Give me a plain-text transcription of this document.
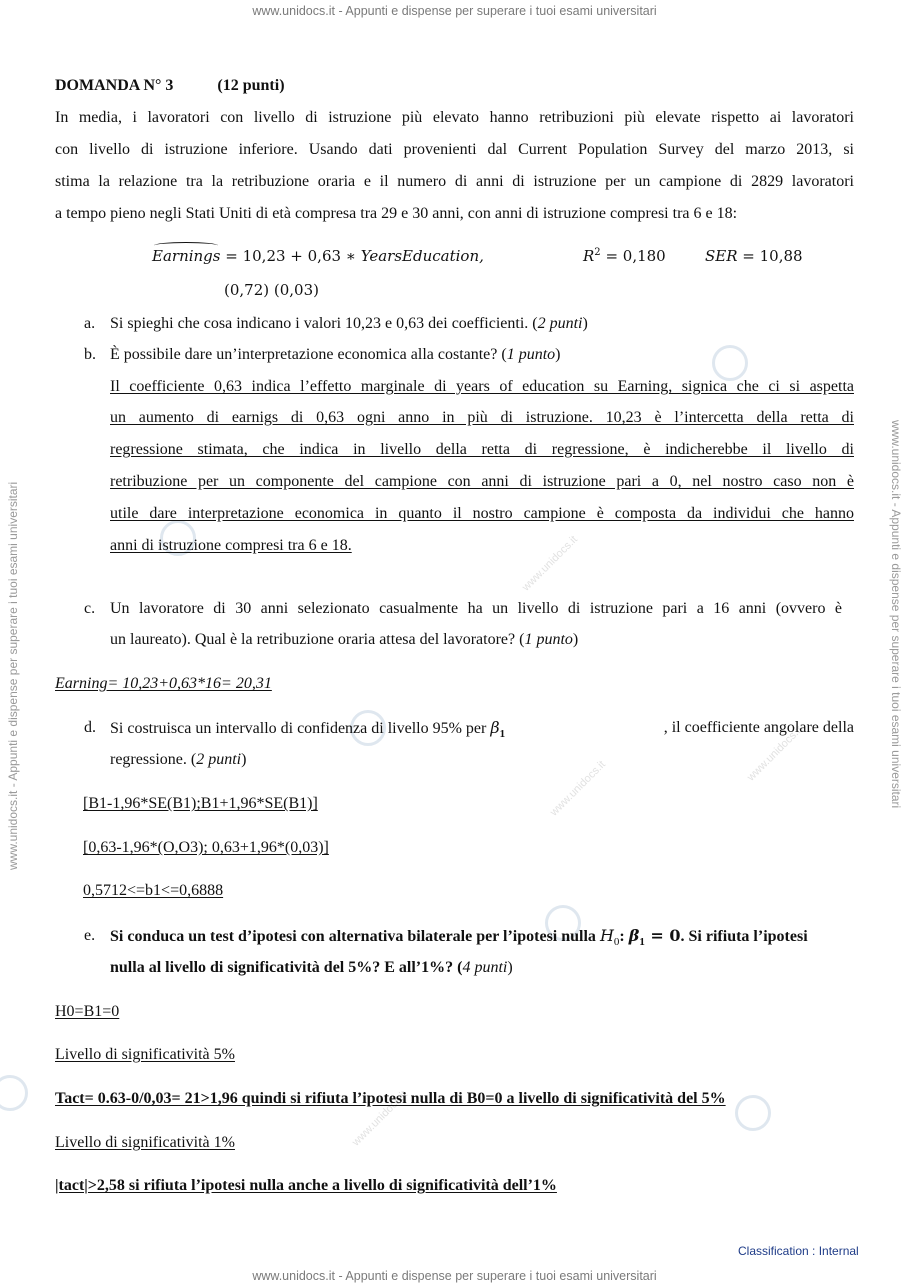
www.unidocs.it - Appunti e dispense per superare i tuoi esami universitari
www.unidocs.it - Appunti e dispense per superare i tuoi esami universitari
www.unidocs.it - Appunti e dispense per superare i tuoi esami universitari	www.unidocs.it - Appunti e dispense per superare i tuoi esami universitari
www.unidocs.it
www.unidocs.it
www.unidocs.it
www.unidocs.it
DOMANDA N° 3	(12 punti)
In media, i lavoratori con livello di istruzione più elevato hanno retribuzioni più elevate rispetto ai lavoratori
con livello di istruzione inferiore. Usando dati provenienti dal Current Population Survey del marzo 2013, si
stima la relazione tra la retribuzione oraria e il numero di anni di istruzione per un campione di 2829 lavoratori
a tempo pieno negli Stati Uniti di età compresa tra 29 e 30 anni, con anni di istruzione compresi tra 6 e 18:
Earnings = 10,23 + 0,63 ∗ YearsEducation,	$R^2 = 0,180$	SER = 10,88
(0,72) (0,03)
a. Si spieghi che cosa indicano i valori 10,23 e 0,63 dei coefficienti. (2 punti)
b. È possibile dare un’interpretazione economica alla costante? (1 punto)
Il coefficiente 0,63 indica l’effetto marginale di years of education su Earning, signica che ci si aspetta
un aumento di earnigs di 0,63 ogni anno in più di istruzione. 10,23 è l’intercetta della retta di
regressione stimata, che indica in livello della retta di regressione, è indicherebbe il livello di
retribuzione per un componente del campione con anni di istruzione pari a 0, nel nostro caso non è
utile dare interpretazione economica in quanto il nostro campione è composta da individui che hanno
anni di istruzione compresi tra 6 e 18.
c. Un lavoratore di 30 anni selezionato casualmente ha un livello di istruzione pari a 16 anni (ovvero è
un laureato). Qual è la retribuzione oraria attesa del lavoratore? (1 punto)
Earning= 10,23+0,63*16= 20,31
d. Si costruisca un intervallo di confidenza di livello 95% per $\beta_1$	, il coefficiente angolare della
regressione. (2 punti)
[B1-1,96*SE(B1);B1+1,96*SE(B1)]
[0,63-1,96*(O,O3); 0,63+1,96*(0,03)]
0,5712<=b1<=0,6888
e. Si conduca un test d’ipotesi con alternativa bilaterale per l’ipotesi nulla $H_0$: $\beta_1 = 0$. Si rifiuta l’ipotesi
nulla al livello di significatività del 5%? E all’1%? (4 punti)
H0=B1=0
Livello di significatività 5%
Tact= 0.63-0/0,03= 21>1,96 quindi si rifiuta l’ipotesi nulla di B0=0 a livello di significatività del 5%
Livello di significatività 1%
|tact|>2,58 si rifiuta l’ipotesi nulla anche a livello di significatività dell’1%
Classification : Internal
